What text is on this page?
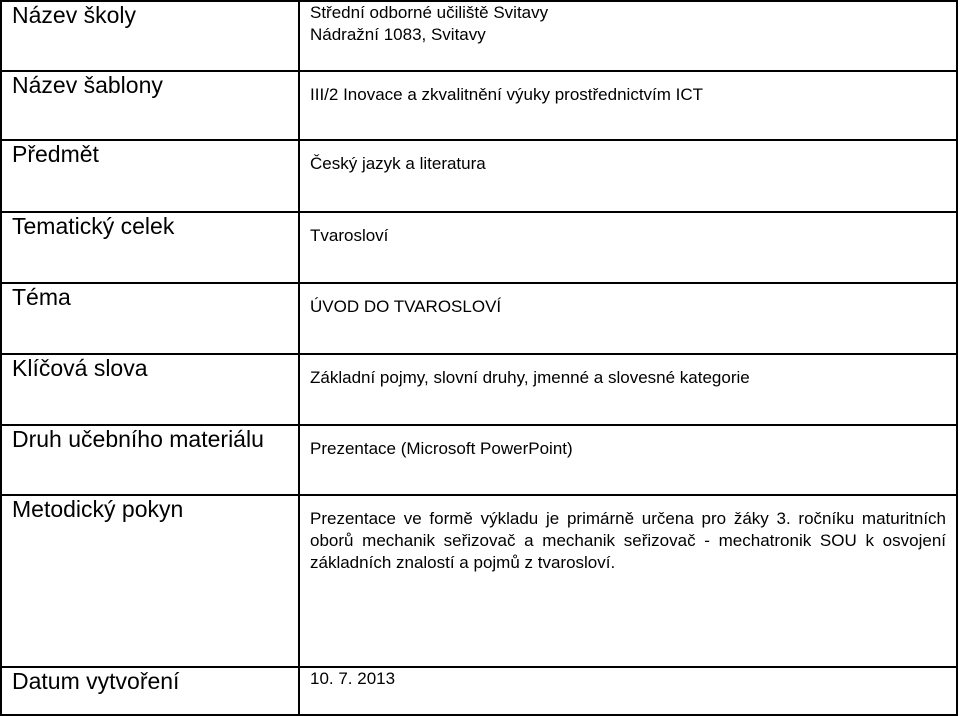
Název školy	Střední odborné učiliště Svitavy
Nádražní 1083, Svitavy

Název šablony	III/2 Inovace a zkvalitnění výuky prostřednictvím ICT
Předmět	Český jazyk a literatura
Tematický celek	Tvarosloví
Téma	ÚVOD DO TVAROSLOVÍ
Klíčová slova	Základní pojmy, slovní druhy, jmenné a slovesné kategorie
Druh učebního materiálu	Prezentace (Microsoft PowerPoint)
Metodický pokyn	Prezentace ve formě výkladu je primárně určena pro žáky 3. ročníku maturitních oborů mechanik seřizovač a mechanik seřizovač - mechatronik SOU k osvojení základních znalostí a pojmů z tvarosloví.
Datum vytvoření	10. 7. 2013
